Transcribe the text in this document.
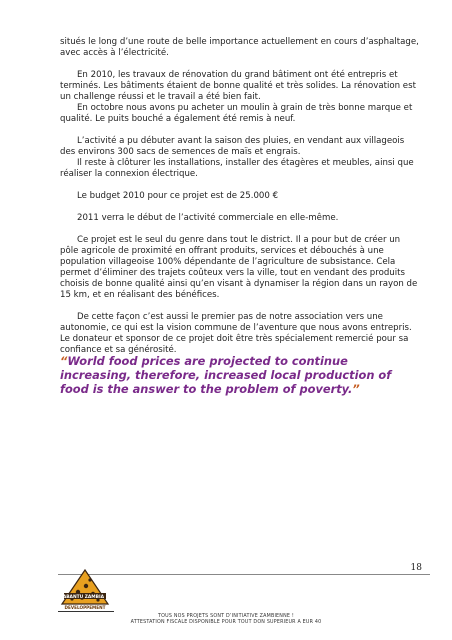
situés le long d’une route de belle importance actuellement en cours d’asphaltage, avec accès à l’électricité.

En 2010, les travaux de rénovation du grand bâtiment ont été entrepris et terminés. Les bâtiments étaient de bonne qualité et très solides. La rénovation est un challenge réussi et le travail a été bien fait.

En octobre nous avons pu acheter un moulin à grain de très bonne marque et qualité. Le puits bouché a également été remis à neuf.

L’activité a pu débuter avant la saison des pluies, en vendant aux villageois des environs 300 sacs de semences de maïs et engrais.

Il reste à clôturer les installations, installer des étagères et meubles, ainsi que réaliser la connexion électrique.

Le budget 2010 pour ce projet est de 25.000 €

2011 verra le début de l’activité commerciale en elle-même.

Ce projet est le seul du genre dans tout le district. Il a pour but de créer un pôle agricole de proximité en offrant produits, services et débouchés à une population villageoise 100% dépendante de l’agriculture de subsistance. Cela permet d’éliminer des trajets coûteux vers la ville, tout en vendant des produits choisis de bonne qualité ainsi qu’en visant à dynamiser la région dans un rayon de 15 km, et en réalisant des bénéfices.

De cette façon c’est aussi le premier pas de notre association vers une autonomie, ce qui est la vision commune de l’aventure que nous avons entrepris. Le donateur et sponsor de ce projet doit être très spécialement remercié pour sa confiance et sa générosité.

“World food prices are projected to continue increasing, therefore, increased local production of food is the answer to the problem of poverty.”
18
ABANTU ZAMBIA |
DEVELOPPEMENT
TOUS NOS PROJETS SONT D’INITIATIVE ZAMBIENNE !
ATTESTATION FISCALE DISPONIBLE POUR TOUT DON SUPERIEUR A EUR 40
